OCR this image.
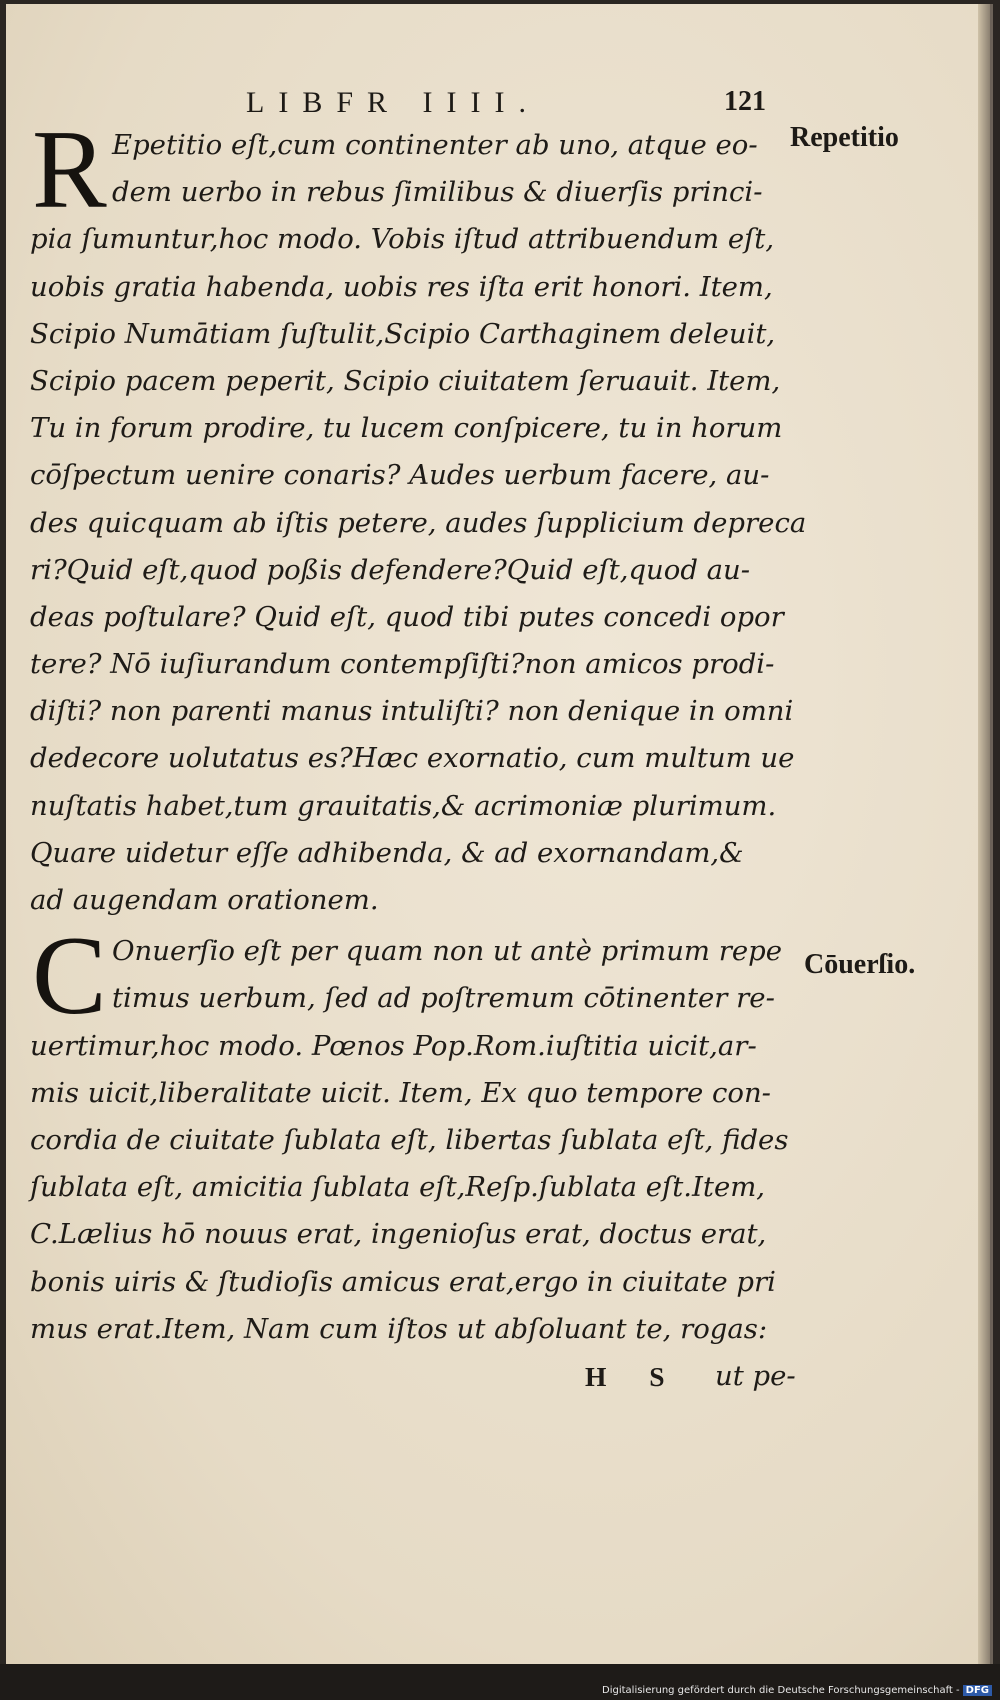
LIBFR IIII.	121
Repetitio
Cōuerſio.
R Epetitio eſt,cum continenter ab uno, atque eo‑
dem uerbo in rebus ſimilibus & diuerſis princi‑
pia ſumuntur,hoc modo. Vobis iſtud attribuendum eſt,
uobis gratia habenda, uobis res iſta erit honori. Item,
Scipio Numātiam ſuſtulit,Scipio Carthaginem deleuit,
Scipio pacem peperit, Scipio ciuitatem ſeruauit. Item,
Tu in forum prodire, tu lucem conſpicere, tu in horum
cōſpectum uenire conaris? Audes uerbum facere, au‑
des quicquam ab iſtis petere, audes ſupplicium depreca
ri?Quid eſt,quod poßis defendere?Quid eſt,quod au‑
deas poſtulare? Quid eſt, quod tibi putes concedi opor
tere? Nō iuſiurandum contempſiſti?non amicos prodi‑
diſti? non parenti manus intuliſti? non denique in omni
dedecore uolutatus es?Hæc exornatio, cum multum ue
nuſtatis habet,tum grauitatis,& acrimoniæ plurimum.
Quare uidetur eſſe adhibenda, & ad exornandam,&
ad augendam orationem.
C Onuerſio eſt per quam non ut antè primum repe
timus uerbum, ſed ad poſtremum cōtinenter re‑
uertimur,hoc modo. Pœnos Pop.Rom.iuſtitia uicit,ar‑
mis uicit,liberalitate uicit. Item, Ex quo tempore con‑
cordia de ciuitate ſublata eſt, libertas ſublata eſt, fides
ſublata eſt, amicitia ſublata eſt,Reſp.ſublata eſt.Item,
C.Lælius hō nouus erat, ingenioſus erat, doctus erat,
bonis uiris & ſtudioſis amicus erat,ergo in ciuitate pri
mus erat.Item, Nam cum iſtos ut abſoluant te, rogas:
H S ut pe‑
Digitalisierung gefördert durch die Deutsche Forschungsgemeinschaft - DFG
